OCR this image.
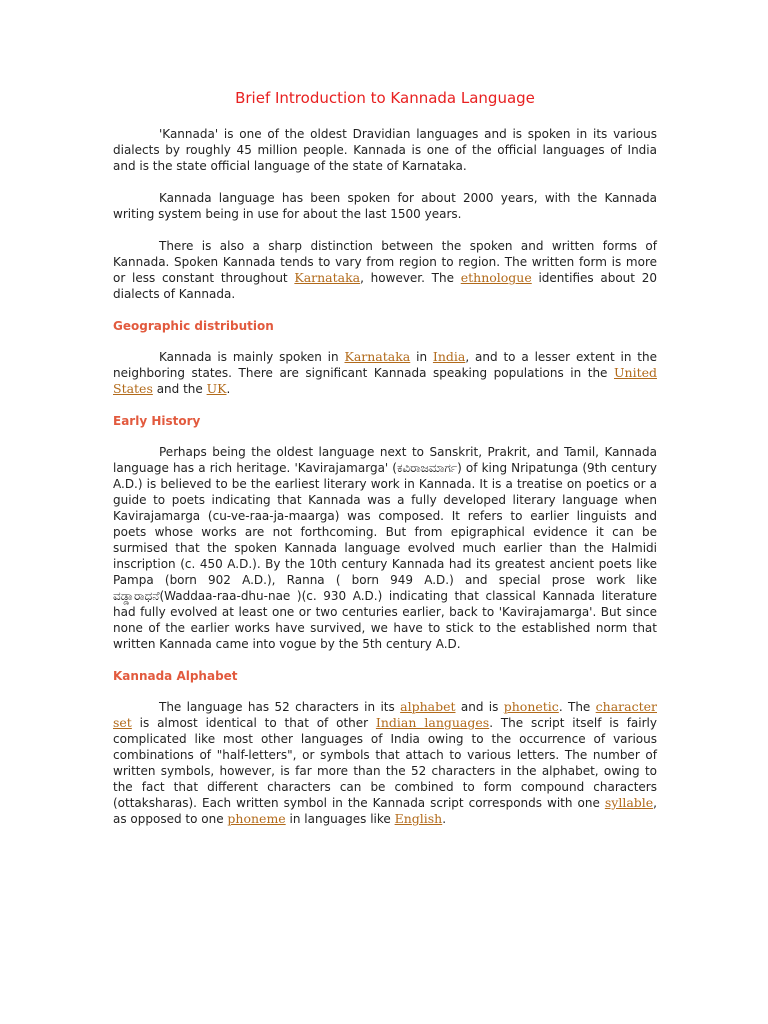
Brief Introduction to Kannada Language

'Kannada' is one of the oldest Dravidian languages and is spoken in its various dialects by roughly 45 million people. Kannada is one of the official languages of India and is the state official language of the state of Karnataka.

Kannada language has been spoken for about 2000 years, with the Kannada writing system being in use for about the last 1500 years.

There is also a sharp distinction between the spoken and written forms of Kannada. Spoken Kannada tends to vary from region to region. The written form is more or less constant throughout Karnataka, however. The ethnologue identifies about 20 dialects of Kannada.

Geographic distribution

Kannada is mainly spoken in Karnataka in India, and to a lesser extent in the neighboring states. There are significant Kannada speaking populations in the United States and the UK.

Early History

Perhaps being the oldest language next to Sanskrit, Prakrit, and Tamil, Kannada language has a rich heritage. 'Kavirajamarga' (ಕವಿರಾಜಮಾರ್ಗ) of king Nripatunga (9th century A.D.) is believed to be the earliest literary work in Kannada. It is a treatise on poetics or a guide to poets indicating that Kannada was a fully developed literary language when Kavirajamarga (cu-ve-raa-ja-maarga) was composed. It refers to earlier linguists and poets whose works are not forthcoming. But from epigraphical evidence it can be surmised that the spoken Kannada language evolved much earlier than the Halmidi inscription (c. 450 A.D.). By the 10th century Kannada had its greatest ancient poets like Pampa (born 902 A.D.), Ranna ( born 949 A.D.) and special prose work like ವಡ್ಡಾರಾಧನೆ(Waddaa-raa-dhu-nae )(c. 930 A.D.) indicating that classical Kannada literature had fully evolved at least one or two centuries earlier, back to 'Kavirajamarga'. But since none of the earlier works have survived, we have to stick to the established norm that written Kannada came into vogue by the 5th century A.D.

Kannada Alphabet

The language has 52 characters in its alphabet and is phonetic. The character set is almost identical to that of other Indian languages. The script itself is fairly complicated like most other languages of India owing to the occurrence of various combinations of "half-letters", or symbols that attach to various letters. The number of written symbols, however, is far more than the 52 characters in the alphabet, owing to the fact that different characters can be combined to form compound characters (ottaksharas). Each written symbol in the Kannada script corresponds with one syllable, as opposed to one phoneme in languages like English.
